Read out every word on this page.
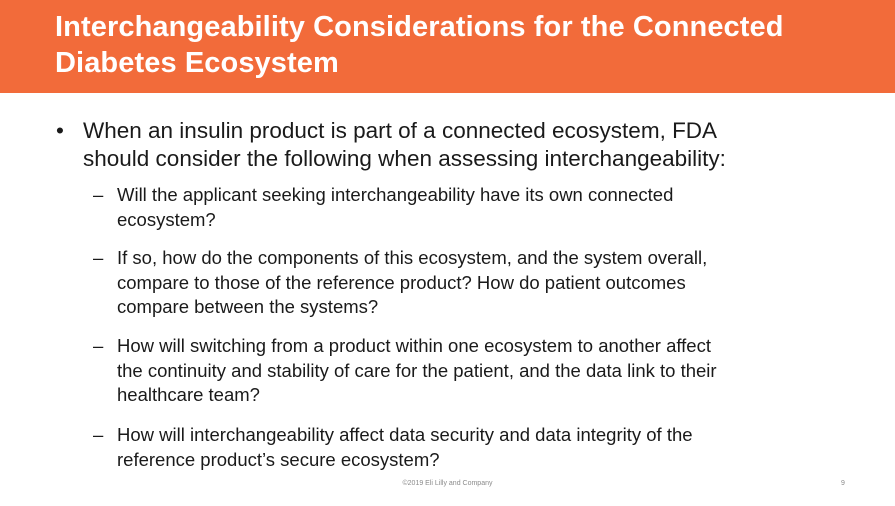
Interchangeability Considerations for the Connected
Diabetes Ecosystem
• When an insulin product is part of a connected ecosystem, FDA
should consider the following when assessing interchangeability:
– Will the applicant seeking interchangeability have its own connected
ecosystem?
– If so, how do the components of this ecosystem, and the system overall,
compare to those of the reference product? How do patient outcomes
compare between the systems?
– How will switching from a product within one ecosystem to another affect
the continuity and stability of care for the patient, and the data link to their
healthcare team?
– How will interchangeability affect data security and data integrity of the
reference product’s secure ecosystem?
©2019 Eli Lilly and Company	9
